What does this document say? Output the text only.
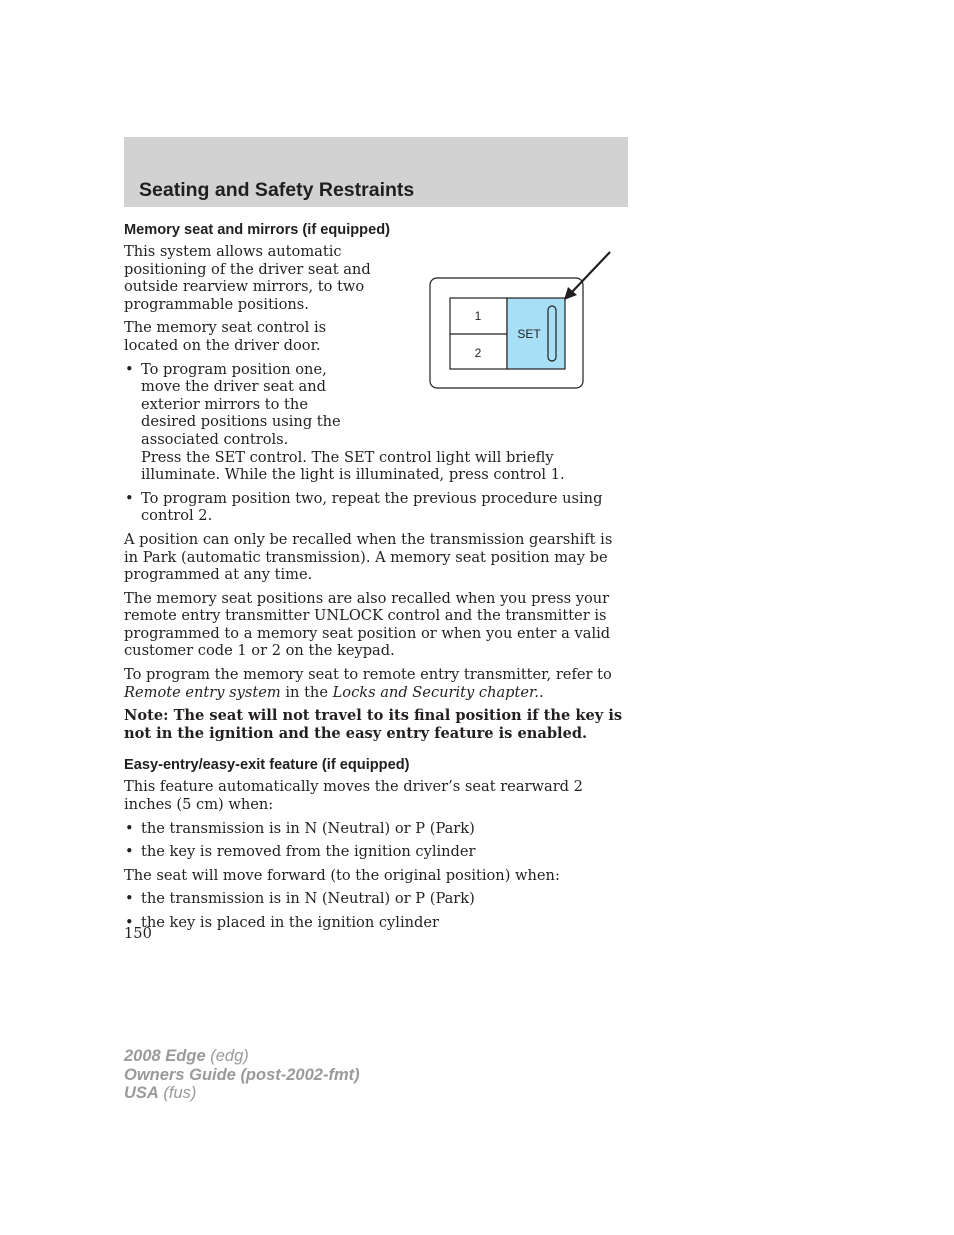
Seating and Safety Restraints
Memory seat and mirrors (if equipped)

This system allows automatic positioning of the driver seat and outside rearview mirrors, to two programmable positions.

The memory seat control is located on the driver door.

• To program position one, move the driver seat and exterior mirrors to the desired positions using the associated controls.
Press the SET control. The SET control light will briefly illuminate. While the light is illuminated, press control 1.
• To program position two, repeat the previous procedure using control 2.

A position can only be recalled when the transmission gearshift is in Park (automatic transmission). A memory seat position may be programmed at any time.

The memory seat positions are also recalled when you press your remote entry transmitter UNLOCK control and the transmitter is programmed to a memory seat position or when you enter a valid customer code 1 or 2 on the keypad.

To program the memory seat to remote entry transmitter, refer to Remote entry system in the Locks and Security chapter..

Note: The seat will not travel to its final position if the key is not in the ignition and the easy entry feature is enabled.

Easy-entry/easy-exit feature (if equipped)

This feature automatically moves the driver’s seat rearward 2 inches (5 cm) when:

• the transmission is in N (Neutral) or P (Park)
• the key is removed from the ignition cylinder

The seat will move forward (to the original position) when:

• the transmission is in N (Neutral) or P (Park)
• the key is placed in the ignition cylinder
1
2
SET
150
2008 Edge (edg)
Owners Guide (post-2002-fmt)
USA (fus)
